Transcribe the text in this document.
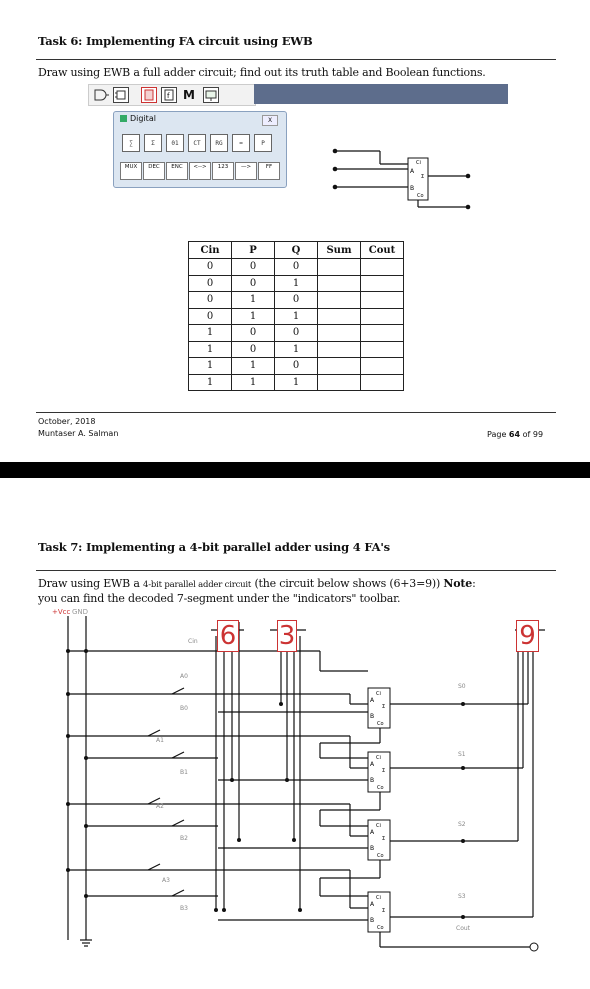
Task 6: Implementing FA circuit using EWB
Draw using EWB a full adder circuit; find out its truth table and Boolean functions.
f M
Digital	X
∑	Σ	01	CT	RG	=	P
MUX	DEC	ENC	<-->	123	—>	FF
A
Ci
B
Σ
Co
Cin	P	Q	Sum	Cout
0	0	0		
0	0	1		
0	1	0		
0	1	1		
1	0	0		
1	0	1		
1	1	0		
1	1	1		
October, 2018
Muntaser A. Salman	Page 64 of 99
Task 7: Implementing a 4-bit parallel adder using 4 FA's
Draw using EWB a 4-bit parallel adder circuit (the circuit below shows (6+3=9)) Note:
you can find the decoded 7-segment under the "indicators" toolbar.
+Vcc GND
Cin
A0
B0
A1
B1
A2
B2
A3
B3
S0
S1
S2
S3
Cout
A
Ci
B
Σ
Co
A
Ci
B
Σ
Co
A
Ci
B
Σ
Co
A
Ci
B
Σ
Co
6 3	9
